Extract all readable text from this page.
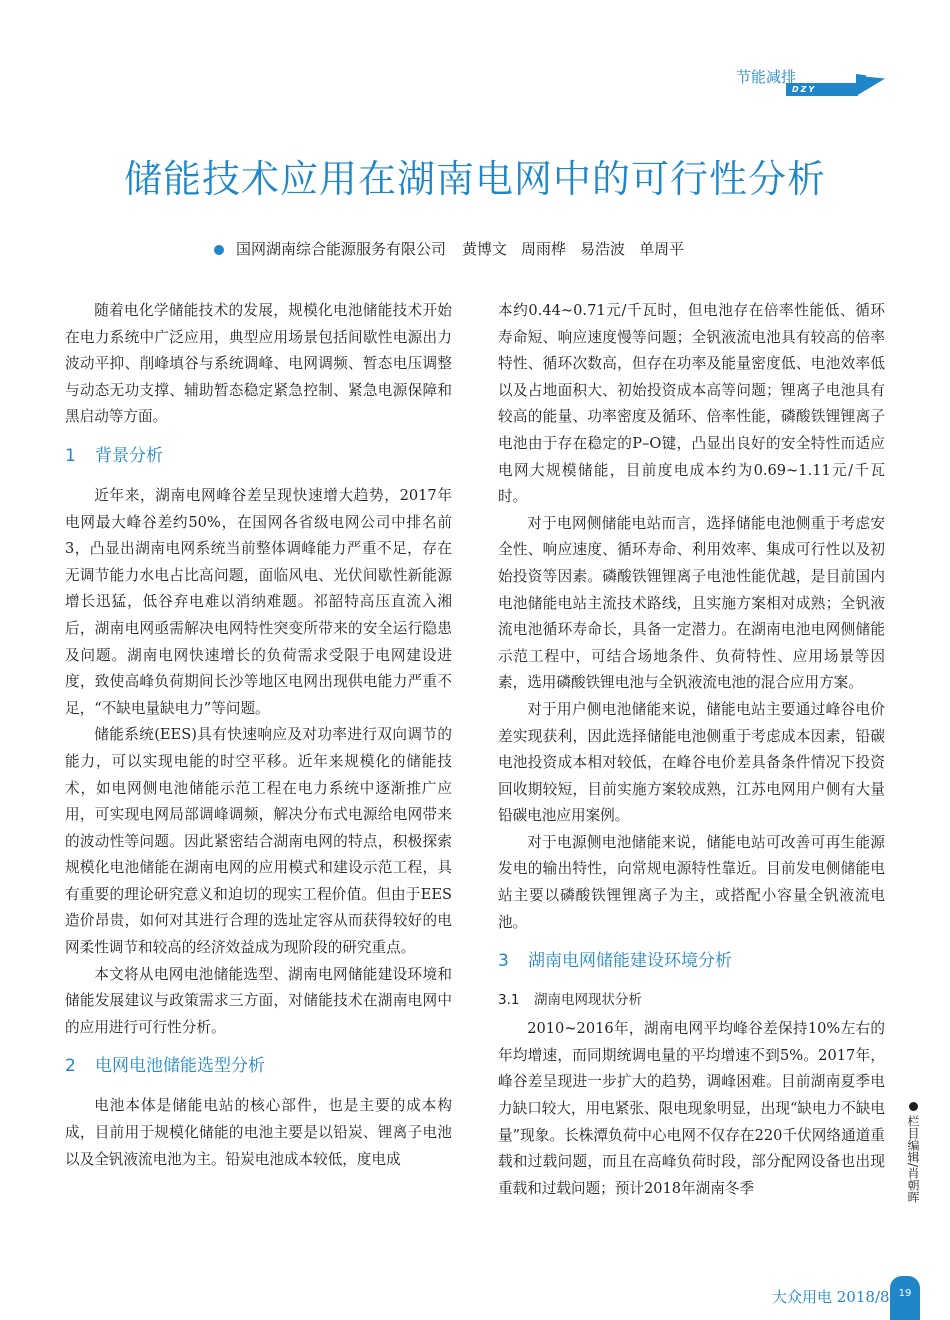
节能减排
DZY
储能技术应用在湖南电网中的可行性分析
国网湖南综合能源服务有限公司 黄博文 周雨桦 易浩波 单周平

随着电化学储能技术的发展，规模化电池储能技术开始在电力系统中广泛应用，典型应用场景包括间歇性电源出力波动平抑、削峰填谷与系统调峰、电网调频、暂态电压调整与动态无功支撑、辅助暂态稳定紧急控制、紧急电源保障和黑启动等方面。

1 背景分析

近年来，湖南电网峰谷差呈现快速增大趋势，2017年电网最大峰谷差约50%，在国网各省级电网公司中排名前3，凸显出湖南电网系统当前整体调峰能力严重不足，存在无调节能力水电占比高问题，面临风电、光伏间歇性新能源增长迅猛，低谷弃电难以消纳难题。祁韶特高压直流入湘后，湖南电网亟需解决电网特性突变所带来的安全运行隐患及问题。湖南电网快速增长的负荷需求受限于电网建设进度，致使高峰负荷期间长沙等地区电网出现供电能力严重不足，“不缺电量缺电力”等问题。

储能系统(EES)具有快速响应及对功率进行双向调节的能力，可以实现电能的时空平移。近年来规模化的储能技术，如电网侧电池储能示范工程在电力系统中逐渐推广应用，可实现电网局部调峰调频，解决分布式电源给电网带来的波动性等问题。因此紧密结合湖南电网的特点，积极探索规模化电池储能在湖南电网的应用模式和建设示范工程，具有重要的理论研究意义和迫切的现实工程价值。但由于EES造价昂贵，如何对其进行合理的选址定容从而获得较好的电网柔性调节和较高的经济效益成为现阶段的研究重点。

本文将从电网电池储能选型、湖南电网储能建设环境和储能发展建议与政策需求三方面，对储能技术在湖南电网中的应用进行可行性分析。

2 电网电池储能选型分析

电池本体是储能电站的核心部件，也是主要的成本构成，目前用于规模化储能的电池主要是以铅炭、锂离子电池以及全钒液流电池为主。铅炭电池成本较低，度电成

本约0.44~0.71元/千瓦时，但电池存在倍率性能低、循环寿命短、响应速度慢等问题；全钒液流电池具有较高的倍率特性、循环次数高，但存在功率及能量密度低、电池效率低以及占地面积大、初始投资成本高等问题；锂离子电池具有较高的能量、功率密度及循环、倍率性能，磷酸铁锂锂离子电池由于存在稳定的P–O键，凸显出良好的安全特性而适应电网大规模储能，目前度电成本约为0.69~1.11元/千瓦时。

对于电网侧储能电站而言，选择储能电池侧重于考虑安全性、响应速度、循环寿命、利用效率、集成可行性以及初始投资等因素。磷酸铁锂锂离子电池性能优越，是目前国内电池储能电站主流技术路线，且实施方案相对成熟；全钒液流电池循环寿命长，具备一定潜力。在湖南电池电网侧储能示范工程中，可结合场地条件、负荷特性、应用场景等因素，选用磷酸铁锂电池与全钒液流电池的混合应用方案。

对于用户侧电池储能来说，储能电站主要通过峰谷电价差实现获利，因此选择储能电池侧重于考虑成本因素，铅碳电池投资成本相对较低，在峰谷电价差具备条件情况下投资回收期较短，目前实施方案较成熟，江苏电网用户侧有大量铅碳电池应用案例。

对于电源侧电池储能来说，储能电站可改善可再生能源发电的输出特性，向常规电源特性靠近。目前发电侧储能电站主要以磷酸铁锂锂离子为主，或搭配小容量全钒液流电池。

3 湖南电网储能建设环境分析
3.1 湖南电网现状分析

2010~2016年，湖南电网平均峰谷差保持10%左右的年均增速，而同期统调电量的平均增速不到5%。2017年，峰谷差呈现进一步扩大的趋势，调峰困难。目前湖南夏季电力缺口较大，用电紧张、限电现象明显，出现“缺电力不缺电量”现象。长株潭负荷中心电网不仅存在220千伏网络通道重载和过载问题，而且在高峰负荷时段，部分配网设备也出现重载和过载问题；预计2018年湖南冬季	栏目编辑/肖朝晖
大众用电 2018/8 19
